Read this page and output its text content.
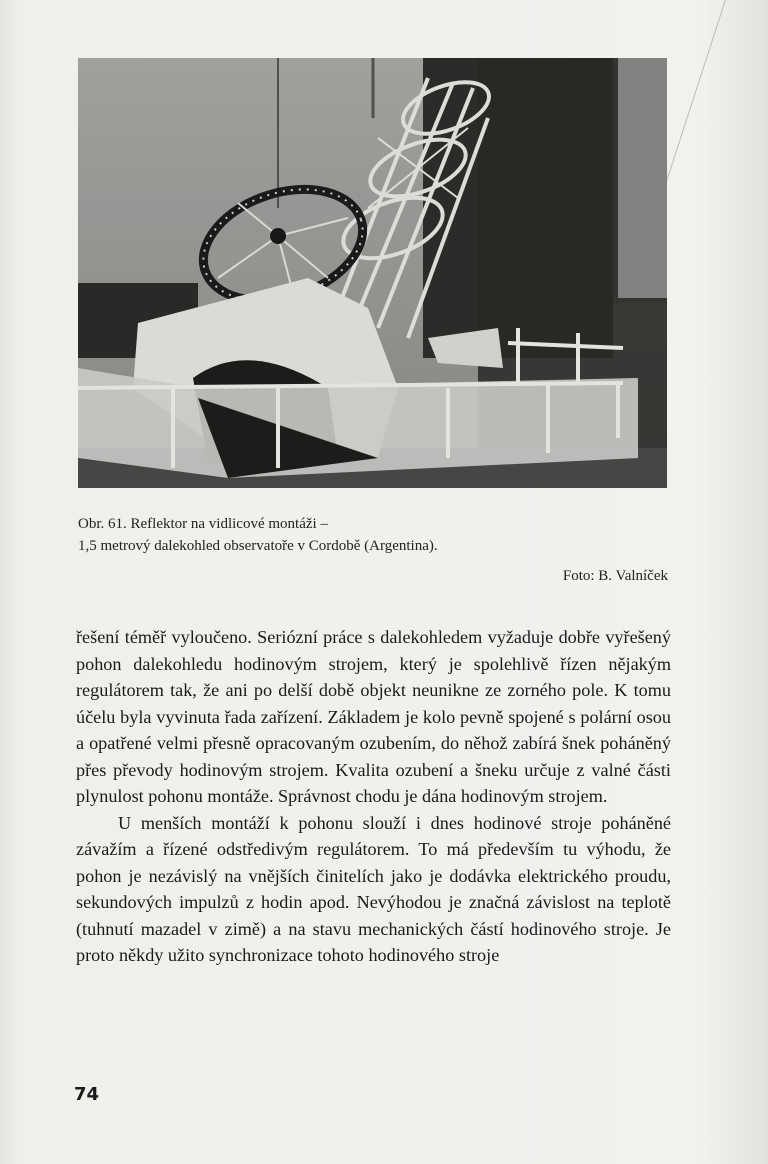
Obr. 61. Reflektor na vidlicové montáži –
1,5 metrový dalekohled observatoře v Cordobě (Argentina).
Foto: B. Valníček

řešení téměř vyloučeno. Seriózní práce s dalekohledem vyžaduje dobře vyřešený pohon dalekohledu hodinovým strojem, který je spolehlivě řízen nějakým regulátorem tak, že ani po delší době objekt neunikne ze zorného pole. K tomu účelu byla vyvinuta řada zařízení. Základem je kolo pevně spojené s polární osou a opatřené velmi přesně opracovaným ozubením, do něhož zabírá šnek poháněný přes převody hodinovým strojem. Kvalita ozubení a šneku určuje z valné části plynulost pohonu montáže. Správnost chodu je dána hodinovým strojem.

U menších montáží k pohonu slouží i dnes hodinové stroje poháněné závažím a řízené odstředivým regulátorem. To má především tu výhodu, že pohon je nezávislý na vnějších činitelích jako je dodávka elektrického proudu, sekundových impulzů z hodin apod. Nevýhodou je značná závislost na teplotě (tuhnutí mazadel v zimě) a na stavu mechanických částí hodinového stroje. Je proto někdy užito synchronizace tohoto hodinového stroje

74
